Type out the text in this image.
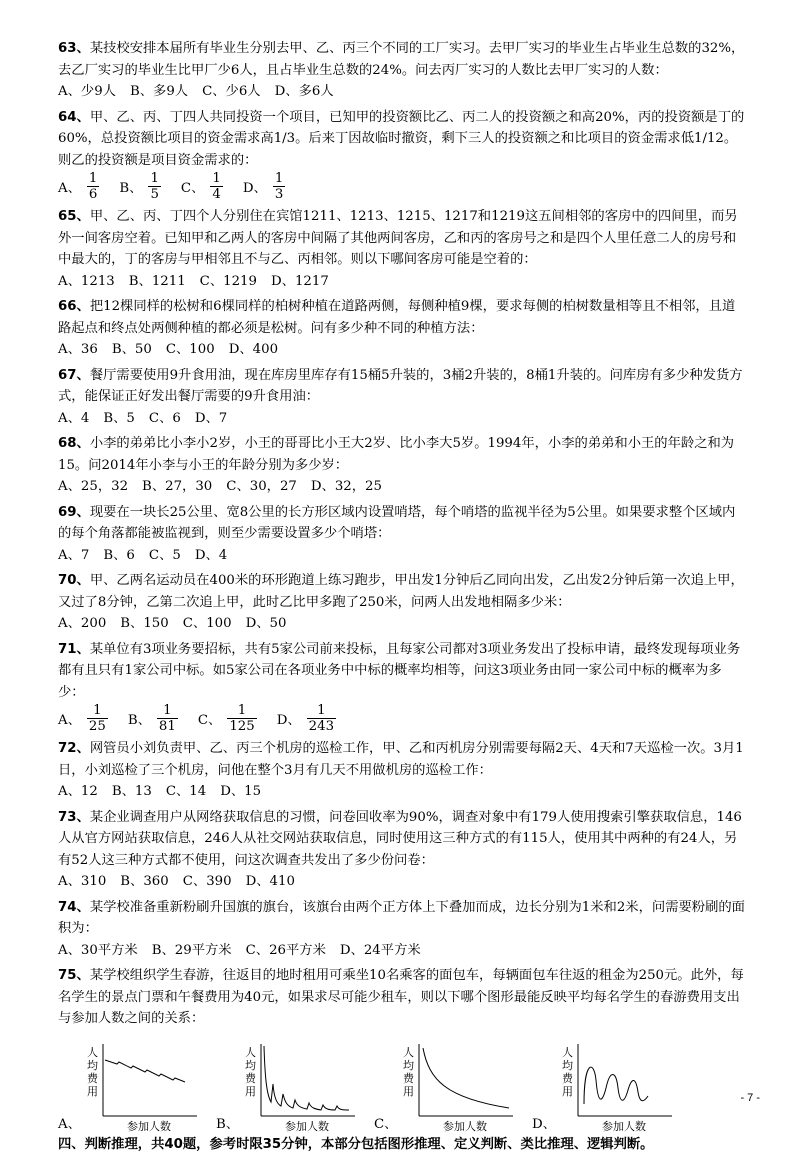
63、某技校安排本届所有毕业生分别去甲、乙、丙三个不同的工厂实习。去甲厂实习的毕业生占毕业生总数的32%，去乙厂实习的毕业生比甲厂少6人，且占毕业生总数的24%。问去丙厂实习的人数比去甲厂实习的人数：

A、少9人 B、多9人 C、少6人 D、多6人

64、甲、乙、丙、丁四人共同投资一个项目，已知甲的投资额比乙、丙二人的投资额之和高20%，丙的投资额是丁的60%，总投资额比项目的资金需求高1/3。后来丁因故临时撤资，剩下三人的投资额之和比项目的资金需求低1/12。则乙的投资额是项目资金需求的：

A、 $\frac{1}{6}$ B、 $\frac{1}{5}$ C、 $\frac{1}{4}$ D、 $\frac{1}{3}$

65、甲、乙、丙、丁四个人分别住在宾馆1211、1213、1215、1217和1219这五间相邻的客房中的四间里，而另外一间客房空着。已知甲和乙两人的客房中间隔了其他两间客房，乙和丙的客房号之和是四个人里任意二人的房号和中最大的，丁的客房与甲相邻且不与乙、丙相邻。则以下哪间客房可能是空着的：

A、1213 B、1211 C、1219 D、1217

66、把12棵同样的松树和6棵同样的柏树种植在道路两侧，每侧种植9棵，要求每侧的柏树数量相等且不相邻，且道路起点和终点处两侧种植的都必须是松树。问有多少种不同的种植方法：

A、36 B、50 C、100 D、400

67、餐厅需要使用9升食用油，现在库房里库存有15桶5升装的，3桶2升装的，8桶1升装的。问库房有多少种发货方式，能保证正好发出餐厅需要的9升食用油：

A、4 B、5 C、6 D、7

68、小李的弟弟比小李小2岁，小王的哥哥比小王大2岁、比小李大5岁。1994年，小李的弟弟和小王的年龄之和为15。问2014年小李与小王的年龄分别为多少岁：

A、25，32 B、27，30 C、30，27 D、32，25

69、现要在一块长25公里、宽8公里的长方形区域内设置哨塔，每个哨塔的监视半径为5公里。如果要求整个区域内的每个角落都能被监视到，则至少需要设置多少个哨塔：

A、7 B、6 C、5 D、4

70、甲、乙两名运动员在400米的环形跑道上练习跑步，甲出发1分钟后乙同向出发，乙出发2分钟后第一次追上甲，又过了8分钟，乙第二次追上甲，此时乙比甲多跑了250米，问两人出发地相隔多少米：

A、200 B、150 C、100 D、50

71、某单位有3项业务要招标，共有5家公司前来投标，且每家公司都对3项业务发出了投标申请，最终发现每项业务都有且只有1家公司中标。如5家公司在各项业务中中标的概率均相等，问这3项业务由同一家公司中标的概率为多少：

A、 $\frac{1}{25}$ B、 $\frac{1}{81}$ C、 $\frac{1}{125}$ D、 $\frac{1}{243}$

72、网管员小刘负责甲、乙、丙三个机房的巡检工作，甲、乙和丙机房分别需要每隔2天、4天和7天巡检一次。3月1日，小刘巡检了三个机房，问他在整个3月有几天不用做机房的巡检工作：

A、12 B、13 C、14 D、15

73、某企业调查用户从网络获取信息的习惯，问卷回收率为90%，调查对象中有179人使用搜索引擎获取信息，146人从官方网站获取信息，246人从社交网站获取信息，同时使用这三种方式的有115人，使用其中两种的有24人，另有52人这三种方式都不使用，问这次调查共发出了多少份问卷：

A、310 B、360 C、390 D、410

74、某学校准备重新粉刷升国旗的旗台，该旗台由两个正方体上下叠加而成，边长分别为1米和2米，问需要粉刷的面积为：

A、30平方米 B、29平方米 C、26平方米 D、24平方米

75、某学校组织学生春游，往返目的地时租用可乘坐10名乘客的面包车，每辆面包车往返的租金为250元。此外，每名学生的景点门票和午餐费用为40元，如果求尽可能少租车，则以下哪个图形最能反映平均每名学生的春游费用支出与参加人数之间的关系：

A、
人均费用
参加人数	B、
人均费用
参加人数	C、
人均费用
参加人数	D、
人均费用
参加人数
四、判断推理，共40题，参考时限35分钟，本部分包括图形推理、定义判断、类比推理、逻辑判断。
- 7 -
